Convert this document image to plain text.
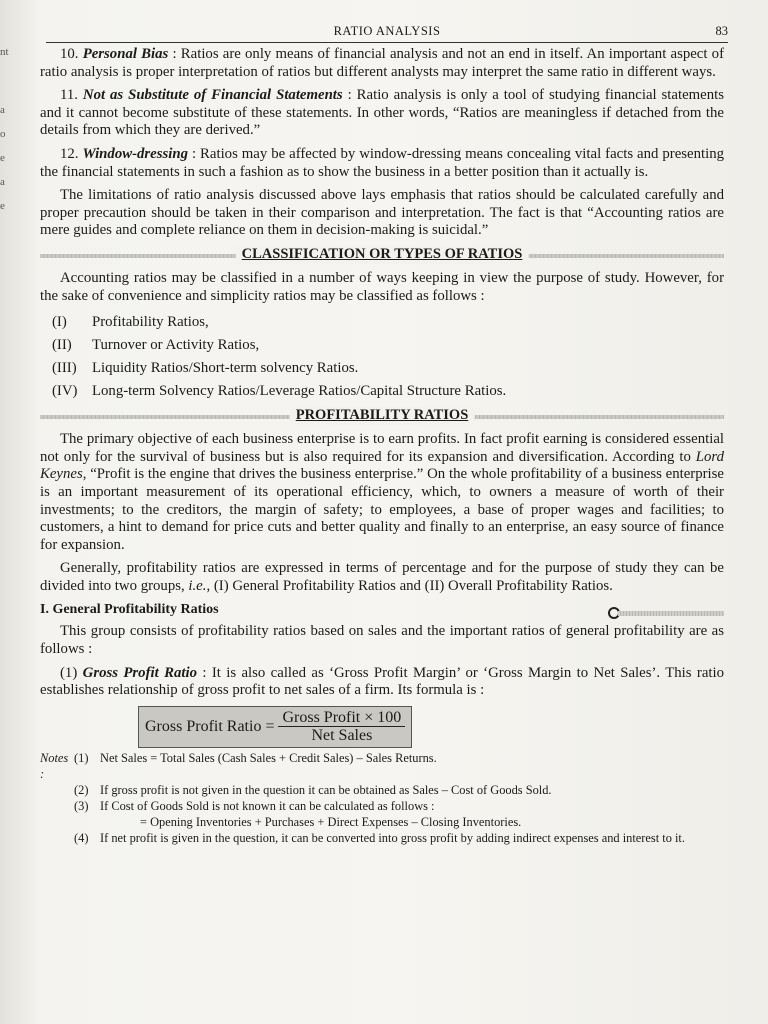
nt
a
o
e
a
e
RATIO ANALYSIS	83

10. Personal Bias : Ratios are only means of financial analysis and not an end in itself. An important aspect of ratio analysis is proper interpretation of ratios but different analysts may interpret the same ratio in different ways.

11. Not as Substitute of Financial Statements : Ratio analysis is only a tool of studying financial statements and it cannot become substitute of these statements. In other words, “Ratios are meaningless if detached from the details from which they are derived.”

12. Window-dressing : Ratios may be affected by window-dressing means concealing vital facts and presenting the financial statements in such a fashion as to show the business in a better position than it actually is.

The limitations of ratio analysis discussed above lays emphasis that ratios should be calculated carefully and proper precaution should be taken in their comparison and interpretation. The fact is that “Accounting ratios are mere guides and complete reliance on them in decision-making is suicidal.”

CLASSIFICATION OR TYPES OF RATIOS

Accounting ratios may be classified in a number of ways keeping in view the purpose of study. However, for the sake of convenience and simplicity ratios may be classified as follows :

(I)	Profitability Ratios,
(II)	Turnover or Activity Ratios,
(III)	Liquidity Ratios/Short-term solvency Ratios.
(IV) Long-term Solvency Ratios/Leverage Ratios/Capital Structure Ratios.
PROFITABILITY RATIOS

The primary objective of each business enterprise is to earn profits. In fact profit earning is considered essential not only for the survival of business but is also required for its expansion and diversification. According to Lord Keynes, “Profit is the engine that drives the business enterprise.” On the whole profitability of a business enterprise is an important measurement of its operational efficiency, which, to owners a measure of worth of their investments; to the creditors, the margin of safety; to employees, a base of proper wages and facilities; to customers, a hint to demand for price cuts and better quality and finally to an enterprise, an easy source of finance for expansion.

Generally, profitability ratios are expressed in terms of percentage and for the purpose of study they can be divided into two groups, i.e., (I) General Profitability Ratios and (II) Overall Profitability Ratios.

I. General Profitability Ratios

This group consists of profitability ratios based on sales and the important ratios of general profitability are as follows :

(1) Gross Profit Ratio : It is also called as ‘Gross Profit Margin’ or ‘Gross Margin to Net Sales’. This ratio establishes relationship of gross profit to net sales of a firm. Its formula is :

Gross Profit Ratio = $\frac{\text{Gross Profit × 100}}{\text{Net Sales}}$
Notes :
(1) Net Sales = Total Sales (Cash Sales + Credit Sales) – Sales Returns.
(2) If gross profit is not given in the question it can be obtained as Sales – Cost of Goods Sold.
(3) If Cost of Goods Sold is not known it can be calculated as follows :
= Opening Inventories + Purchases + Direct Expenses – Closing Inventories.
(4) If net profit is given in the question, it can be converted into gross profit by adding indirect expenses and interest to it.
